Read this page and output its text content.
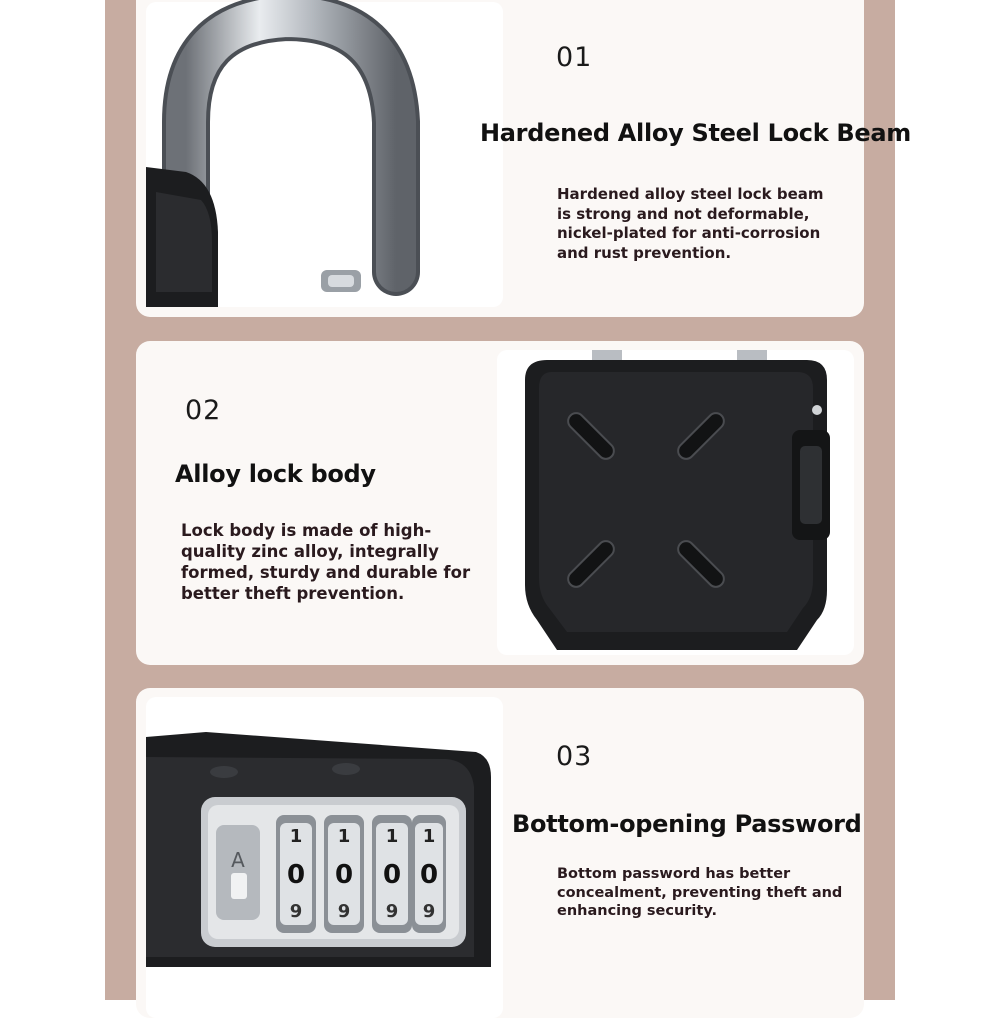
01
Hardened Alloy Steel Lock Beam
Hardened alloy steel lock beam
is strong and not deformable,
nickel-plated for anti-corrosion
and rust prevention.
02
Alloy lock body
Lock body is made of high-
quality zinc alloy, integrally
formed, sturdy and durable for
better theft prevention.
A
1 1 1 1
0 0 0 0
9 9 9 9
03
Bottom-opening Password
Bottom password has better
concealment, preventing theft and
enhancing security.
